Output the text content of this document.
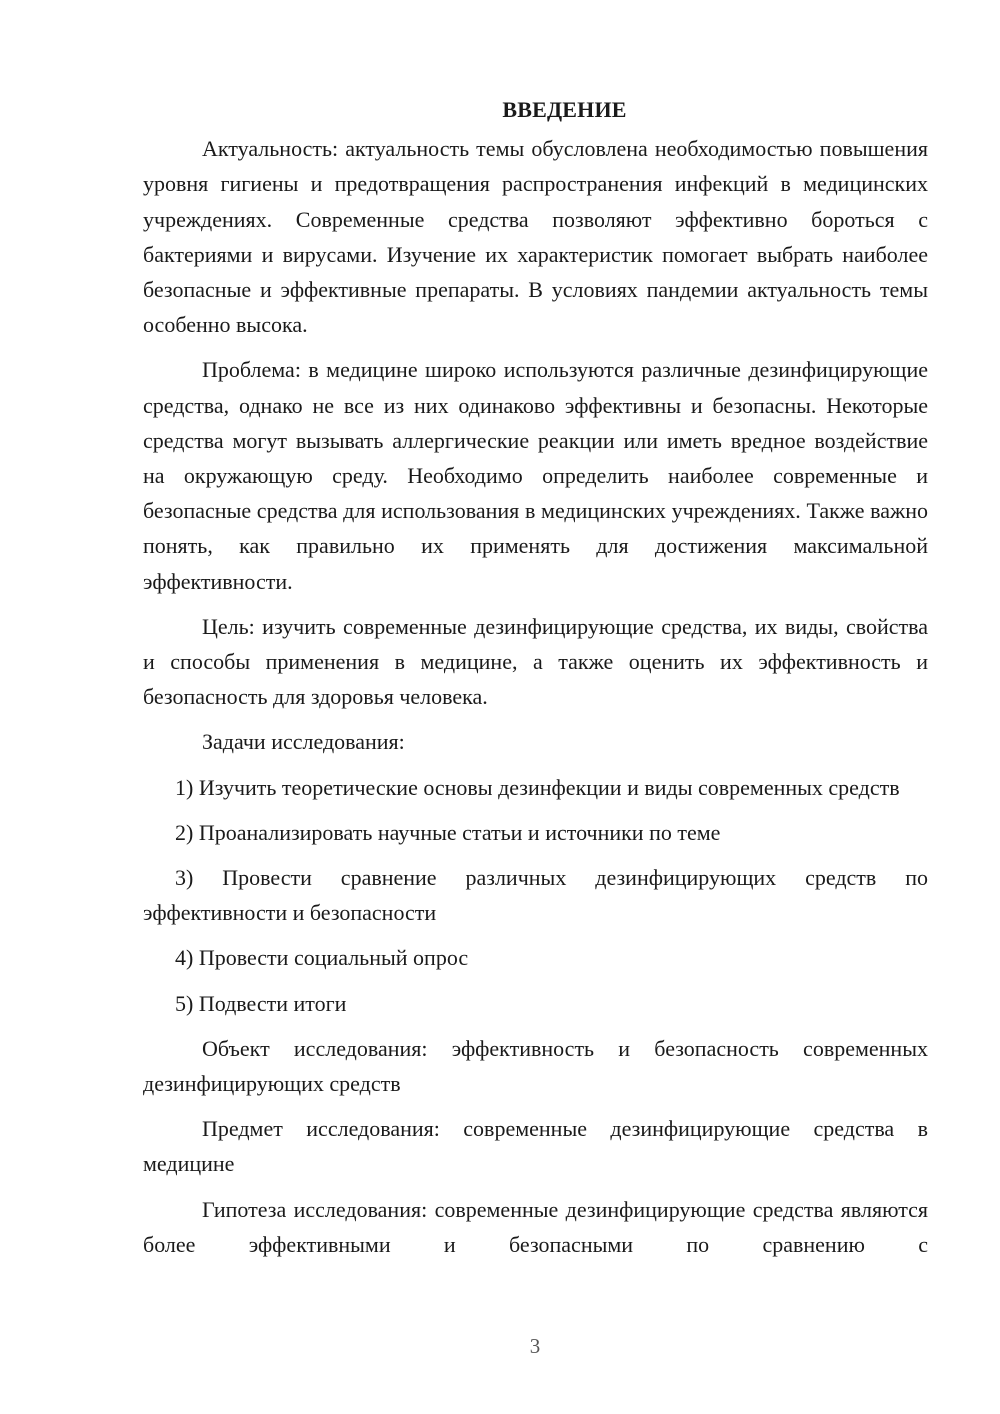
ВВЕДЕНИЕ

Актуальность: актуальность темы обусловлена необходимостью повышения уровня гигиены и предотвращения распространения инфекций в медицинских учреждениях. Современные средства позволяют эффективно бороться с бактериями и вирусами. Изучение их характеристик помогает выбрать наиболее безопасные и эффективные препараты. В условиях пандемии актуальность темы особенно высока.

Проблема: в медицине широко используются различные дезинфицирующие средства, однако не все из них одинаково эффективны и безопасны. Некоторые средства могут вызывать аллергические реакции или иметь вредное воздействие на окружающую среду. Необходимо определить наиболее современные и безопасные средства для использования в медицинских учреждениях. Также важно понять, как правильно их применять для достижения максимальной эффективности.

Цель: изучить современные дезинфицирующие средства, их виды, свойства и способы применения в медицине, а также оценить их эффективность и безопасность для здоровья человека.

Задачи исследования:

1) Изучить теоретические основы дезинфекции и виды современных средств

2) Проанализировать научные статьи и источники по теме

3) Провести сравнение различных дезинфицирующих средств по эффективности и безопасности

4) Провести социальный опрос

5) Подвести итоги

Объект исследования: эффективность и безопасность современных дезинфицирующих средств

Предмет исследования: современные дезинфицирующие средства в медицине

Гипотеза исследования: современные дезинфицирующие средства являются более эффективными и безопасными по сравнению с

3
